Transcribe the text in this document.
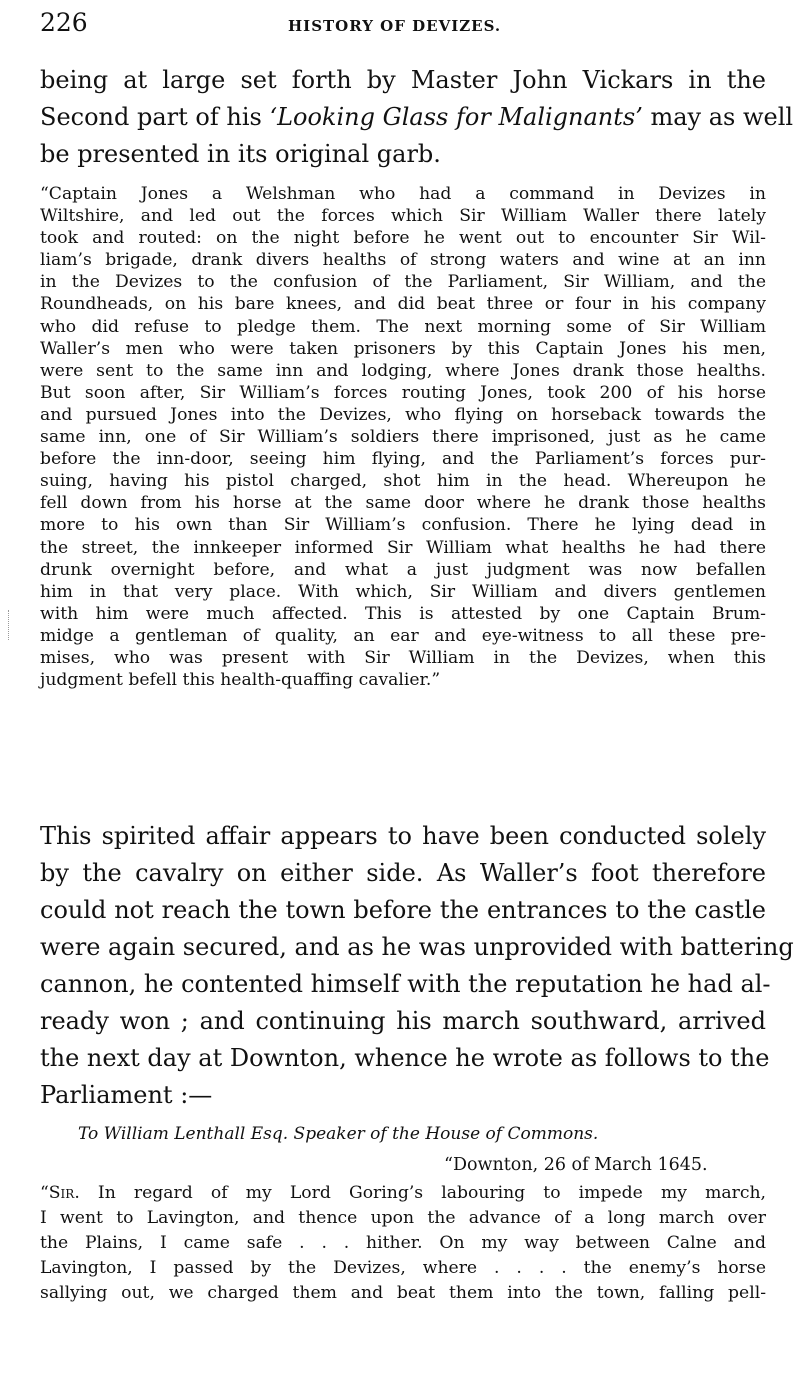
226	HISTORY OF DEVIZES.
being at large set forth by Master John Vickars in the
Second part of his ‘Looking Glass for Malignants’ may as well
be presented in its original garb.
“Captain Jones a Welshman who had a command in Devizes in
Wiltshire, and led out the forces which Sir William Waller there lately
took and routed: on the night before he went out to encounter Sir Wil-
liam’s brigade, drank divers healths of strong waters and wine at an inn
in the Devizes to the confusion of the Parliament, Sir William, and the
Roundheads, on his bare knees, and did beat three or four in his company
who did refuse to pledge them. The next morning some of Sir William
Waller’s men who were taken prisoners by this Captain Jones his men,
were sent to the same inn and lodging, where Jones drank those healths.
But soon after, Sir William’s forces routing Jones, took 200 of his horse
and pursued Jones into the Devizes, who flying on horseback towards the
same inn, one of Sir William’s soldiers there imprisoned, just as he came
before the inn-door, seeing him flying, and the Parliament’s forces pur-
suing, having his pistol charged, shot him in the head. Whereupon he
fell down from his horse at the same door where he drank those healths
more to his own than Sir William’s confusion. There he lying dead in
the street, the innkeeper informed Sir William what healths he had there
drunk overnight before, and what a just judgment was now befallen
him in that very place. With which, Sir William and divers gentlemen
with him were much affected. This is attested by one Captain Brum-
midge a gentleman of quality, an ear and eye-witness to all these pre-
mises, who was present with Sir William in the Devizes, when this
judgment befell this health-quaffing cavalier.”
This spirited affair appears to have been conducted solely
by the cavalry on either side. As Waller’s foot therefore
could not reach the town before the entrances to the castle
were again secured, and as he was unprovided with battering
cannon, he contented himself with the reputation he had al-
ready won ; and continuing his march southward, arrived
the next day at Downton, whence he wrote as follows to the
Parliament :—
To William Lenthall Esq. Speaker of the House of Commons.
“Downton, 26 of March 1645.
“Sir. In regard of my Lord Goring’s labouring to impede my march,
I went to Lavington, and thence upon the advance of a long march over
the Plains, I came safe . . . hither. On my way between Calne and
Lavington, I passed by the Devizes, where . . . . the enemy’s horse
sallying out, we charged them and beat them into the town, falling pell-
